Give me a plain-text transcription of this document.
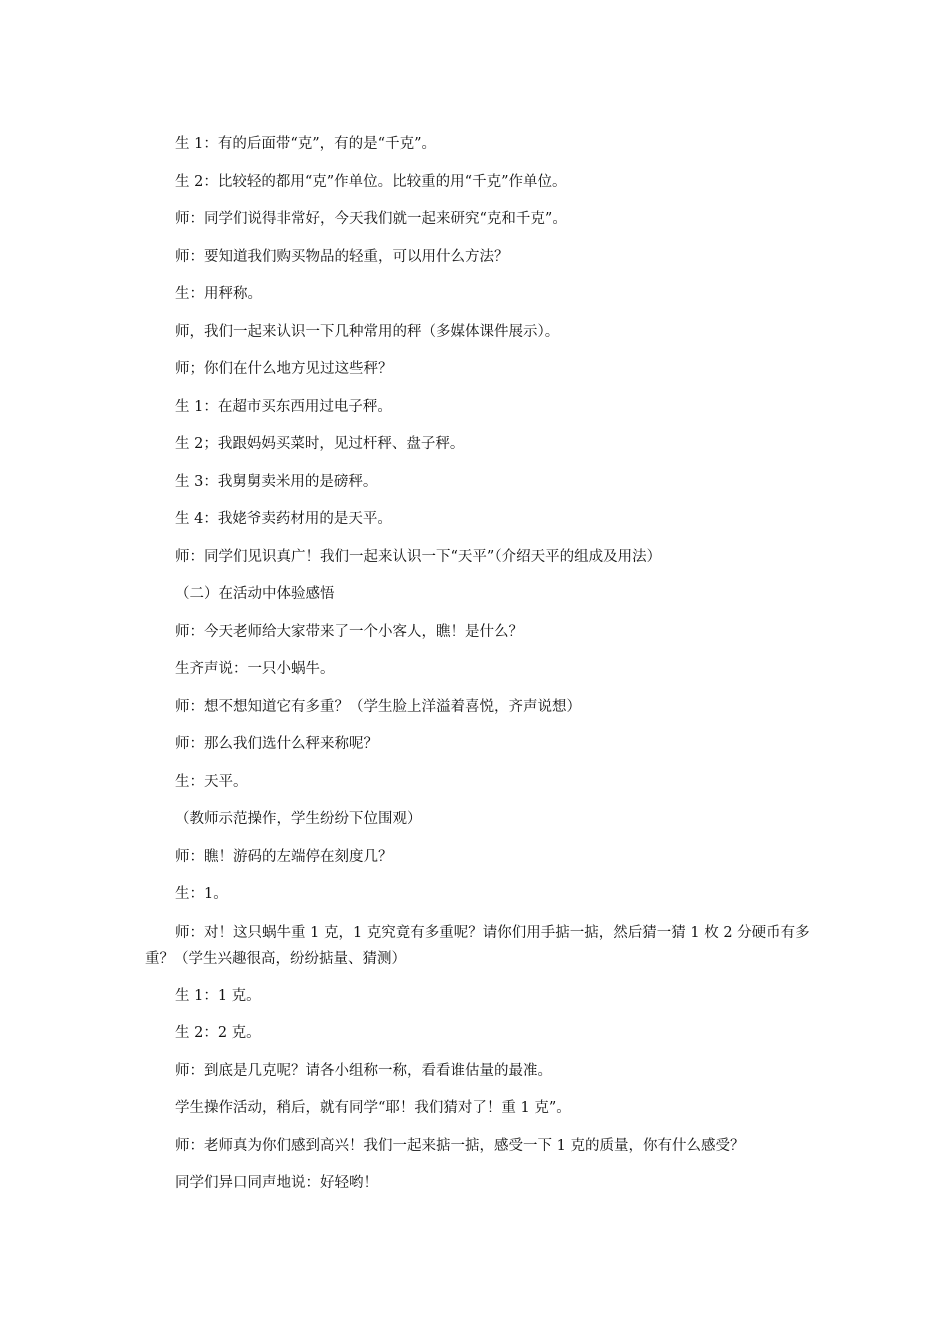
生 1：有的后面带“克”，有的是“千克”。

生 2：比较轻的都用“克”作单位。比较重的用“千克”作单位。

师：同学们说得非常好，今天我们就一起来研究“克和千克”。

师：要知道我们购买物品的轻重，可以用什么方法？

生：用秤称。

师，我们一起来认识一下几种常用的秤（多媒体课件展示）。

师；你们在什么地方见过这些秤？

生 1：在超市买东西用过电子秤。

生 2；我跟妈妈买菜时，见过杆秤、盘子秤。

生 3：我舅舅卖米用的是磅秤。

生 4：我姥爷卖药材用的是天平。

师：同学们见识真广！我们一起来认识一下“天平”（介绍天平的组成及用法）

（二）在活动中体验感悟

师：今天老师给大家带来了一个小客人，瞧！是什么？

生齐声说：一只小蜗牛。

师：想不想知道它有多重？（学生脸上洋溢着喜悦，齐声说想）

师：那么我们选什么秤来称呢？

生：天平。

（教师示范操作，学生纷纷下位围观）

师：瞧！游码的左端停在刻度几？

生：1。

师：对！这只蜗牛重 1 克，1 克究竟有多重呢？请你们用手掂一掂，然后猜一猜 1 枚 2 分硬币有多重？（学生兴趣很高，纷纷掂量、猜测）

生 1：1 克。

生 2：2 克。

师：到底是几克呢？请各小组称一称，看看谁估量的最准。

学生操作活动，稍后，就有同学“耶！我们猜对了！重 1 克”。

师：老师真为你们感到高兴！我们一起来掂一掂，感受一下 1 克的质量，你有什么感受？

同学们异口同声地说：好轻哟！
